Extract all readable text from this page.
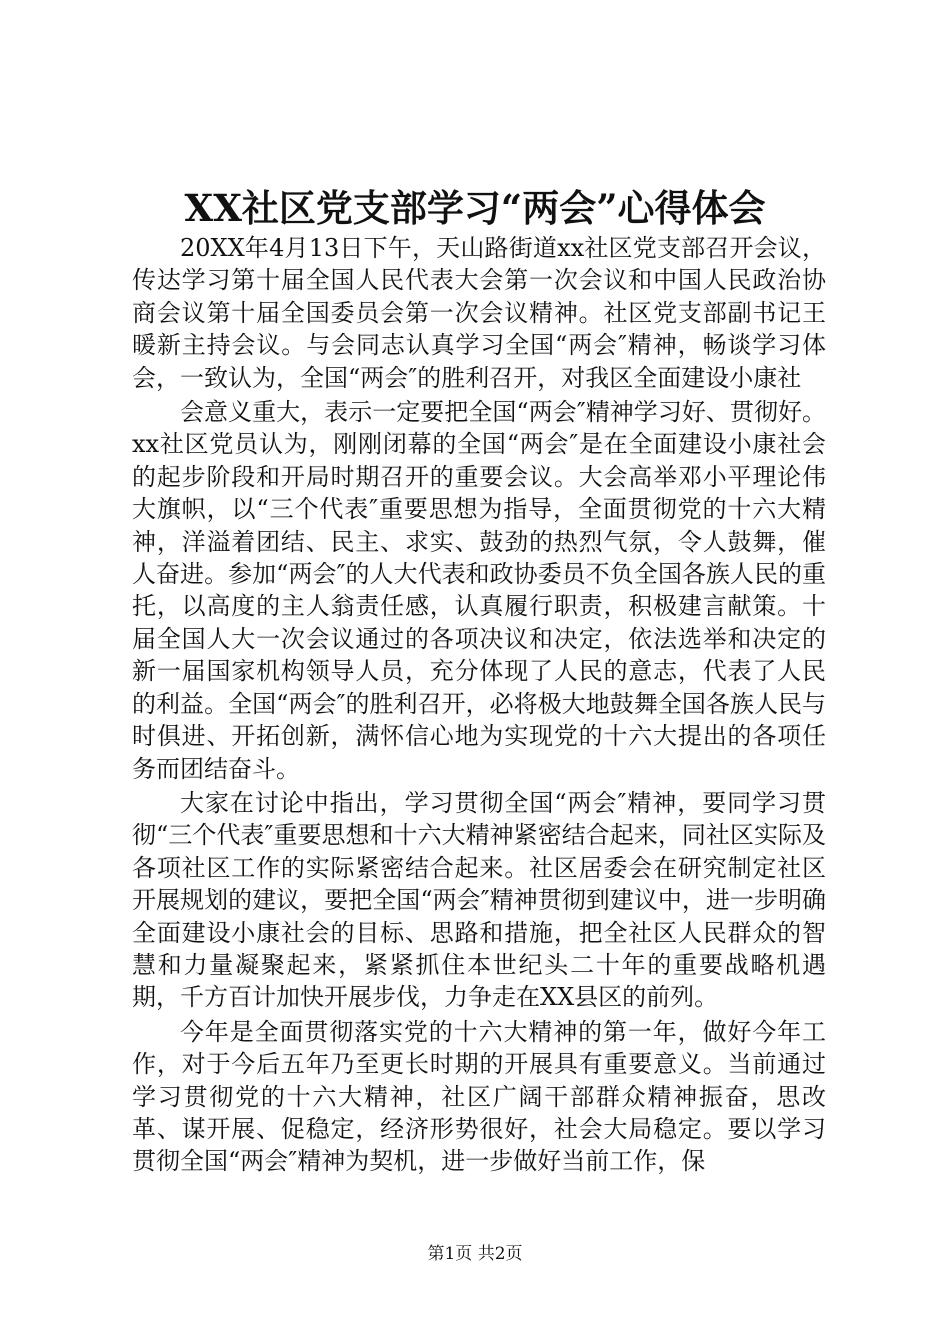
XX社区党支部学习“两会”心得体会

20XX年4月13日下午，天山路街道xx社区党支部召开会议，传达学习第十届全国人民代表大会第一次会议和中国人民政治协商会议第十届全国委员会第一次会议精神。社区党支部副书记王暖新主持会议。与会同志认真学习全国“两会″精神，畅谈学习体会，一致认为，全国“两会″的胜利召开，对我区全面建设小康社

会意义重大，表示一定要把全国“两会″精神学习好、贯彻好。xx社区党员认为，刚刚闭幕的全国“两会″是在全面建设小康社会的起步阶段和开局时期召开的重要会议。大会高举邓小平理论伟大旗帜，以“三个代表″重要思想为指导，全面贯彻党的十六大精神，洋溢着团结、民主、求实、鼓劲的热烈气氛，令人鼓舞，催人奋进。参加“两会″的人大代表和政协委员不负全国各族人民的重托，以高度的主人翁责任感，认真履行职责，积极建言献策。十届全国人大一次会议通过的各项决议和决定，依法选举和决定的新一届国家机构领导人员，充分体现了人民的意志，代表了人民的利益。全国“两会″的胜利召开，必将极大地鼓舞全国各族人民与时俱进、开拓创新，满怀信心地为实现党的十六大提出的各项任务而团结奋斗。

大家在讨论中指出，学习贯彻全国“两会″精神，要同学习贯彻“三个代表″重要思想和十六大精神紧密结合起来，同社区实际及各项社区工作的实际紧密结合起来。社区居委会在研究制定社区开展规划的建议，要把全国“两会″精神贯彻到建议中，进一步明确全面建设小康社会的目标、思路和措施，把全社区人民群众的智慧和力量凝聚起来，紧紧抓住本世纪头二十年的重要战略机遇期，千方百计加快开展步伐，力争走在XX县区的前列。

今年是全面贯彻落实党的十六大精神的第一年，做好今年工作，对于今后五年乃至更长时期的开展具有重要意义。当前通过学习贯彻党的十六大精神，社区广阔干部群众精神振奋，思改革、谋开展、促稳定，经济形势很好，社会大局稳定。要以学习贯彻全国“两会″精神为契机，进一步做好当前工作，保

第1页 共2页
